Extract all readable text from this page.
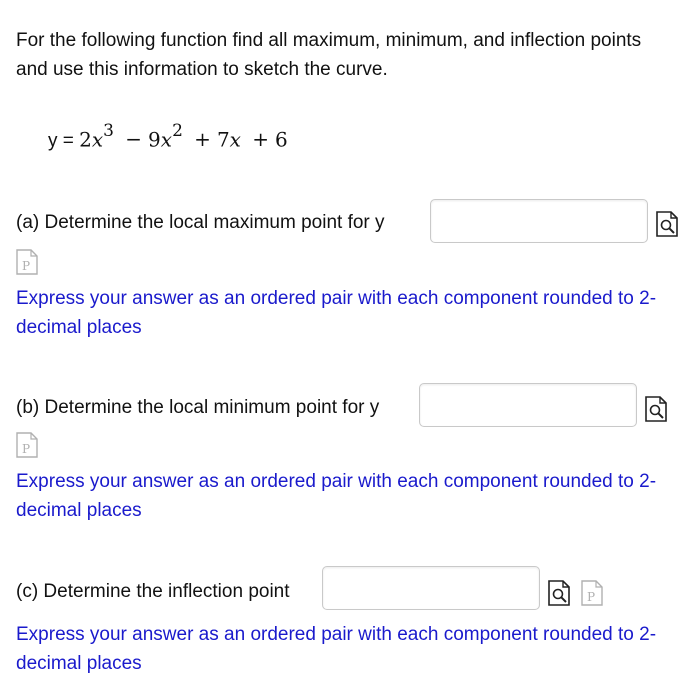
For the following function find all maximum, minimum, and inflection points
and use this information to sketch the curve.
$y = 2x^3 - 9x^2 + 7x + 6$
(a) Determine the local maximum point for y
P
Express your answer as an ordered pair with each component rounded to 2-
decimal places
(b) Determine the local minimum point for y
P
Express your answer as an ordered pair with each component rounded to 2-
decimal places
(c) Determine the inflection point	P
Express your answer as an ordered pair with each component rounded to 2-
decimal places
